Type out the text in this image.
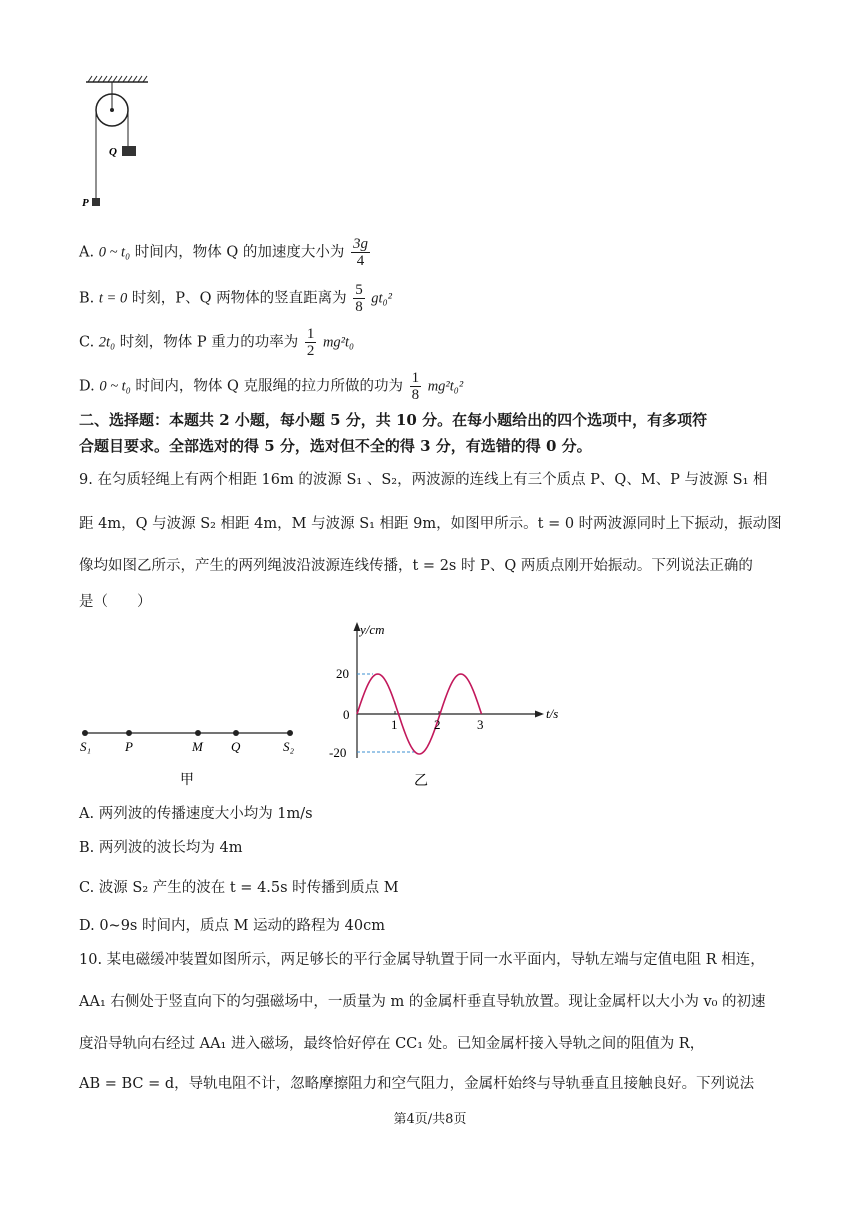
Q
P
A. 0 ~ t₀ 时间内，物体 Q 的加速度大小为 $\frac{3g}{4}$
B. t = 0 时刻，P、Q 两物体的竖直距离为 $\frac{5}{8} gt_0^2$
C. 2t₀ 时刻，物体 P 重力的功率为 $\frac{1}{2} mg^2t_0$
D. 0 ~ t₀ 时间内，物体 Q 克服绳的拉力所做的功为 $\frac{1}{8} mg^2t_0^2$
二、选择题：本题共 2 小题，每小题 5 分，共 10 分。在每小题给出的四个选项中，有多项符
合题目要求。全部选对的得 5 分，选对但不全的得 3 分，有选错的得 0 分。
9. 在匀质轻绳上有两个相距 16m 的波源 S₁ 、S₂，两波源的连线上有三个质点 P、Q、M、P 与波源 S₁ 相
距 4m，Q 与波源 S₂ 相距 4m，M 与波源 S₁ 相距 9m，如图甲所示。t = 0 时两波源同时上下振动，振动图
像均如图乙所示，产生的两列绳波沿波源连线传播，t = 2s 时 P、Q 两质点刚开始振动。下列说法正确的
是（　　）
S₁	P	M Q	S₂
甲
y/cm
t/s
20
0
-20
1	2	3
乙
A. 两列波的传播速度大小均为 1m/s
B. 两列波的波长均为 4m
C. 波源 S₂ 产生的波在 t = 4.5s 时传播到质点 M
D. 0~9s 时间内，质点 M 运动的路程为 40cm
10. 某电磁缓冲装置如图所示，两足够长的平行金属导轨置于同一水平面内，导轨左端与定值电阻 R 相连，
AA₁ 右侧处于竖直向下的匀强磁场中，一质量为 m 的金属杆垂直导轨放置。现让金属杆以大小为 v₀ 的初速
度沿导轨向右经过 AA₁ 进入磁场，最终恰好停在 CC₁ 处。已知金属杆接入导轨之间的阻值为 R，
AB = BC = d，导轨电阻不计，忽略摩擦阻力和空气阻力，金属杆始终与导轨垂直且接触良好。下列说法
第4页/共8页
